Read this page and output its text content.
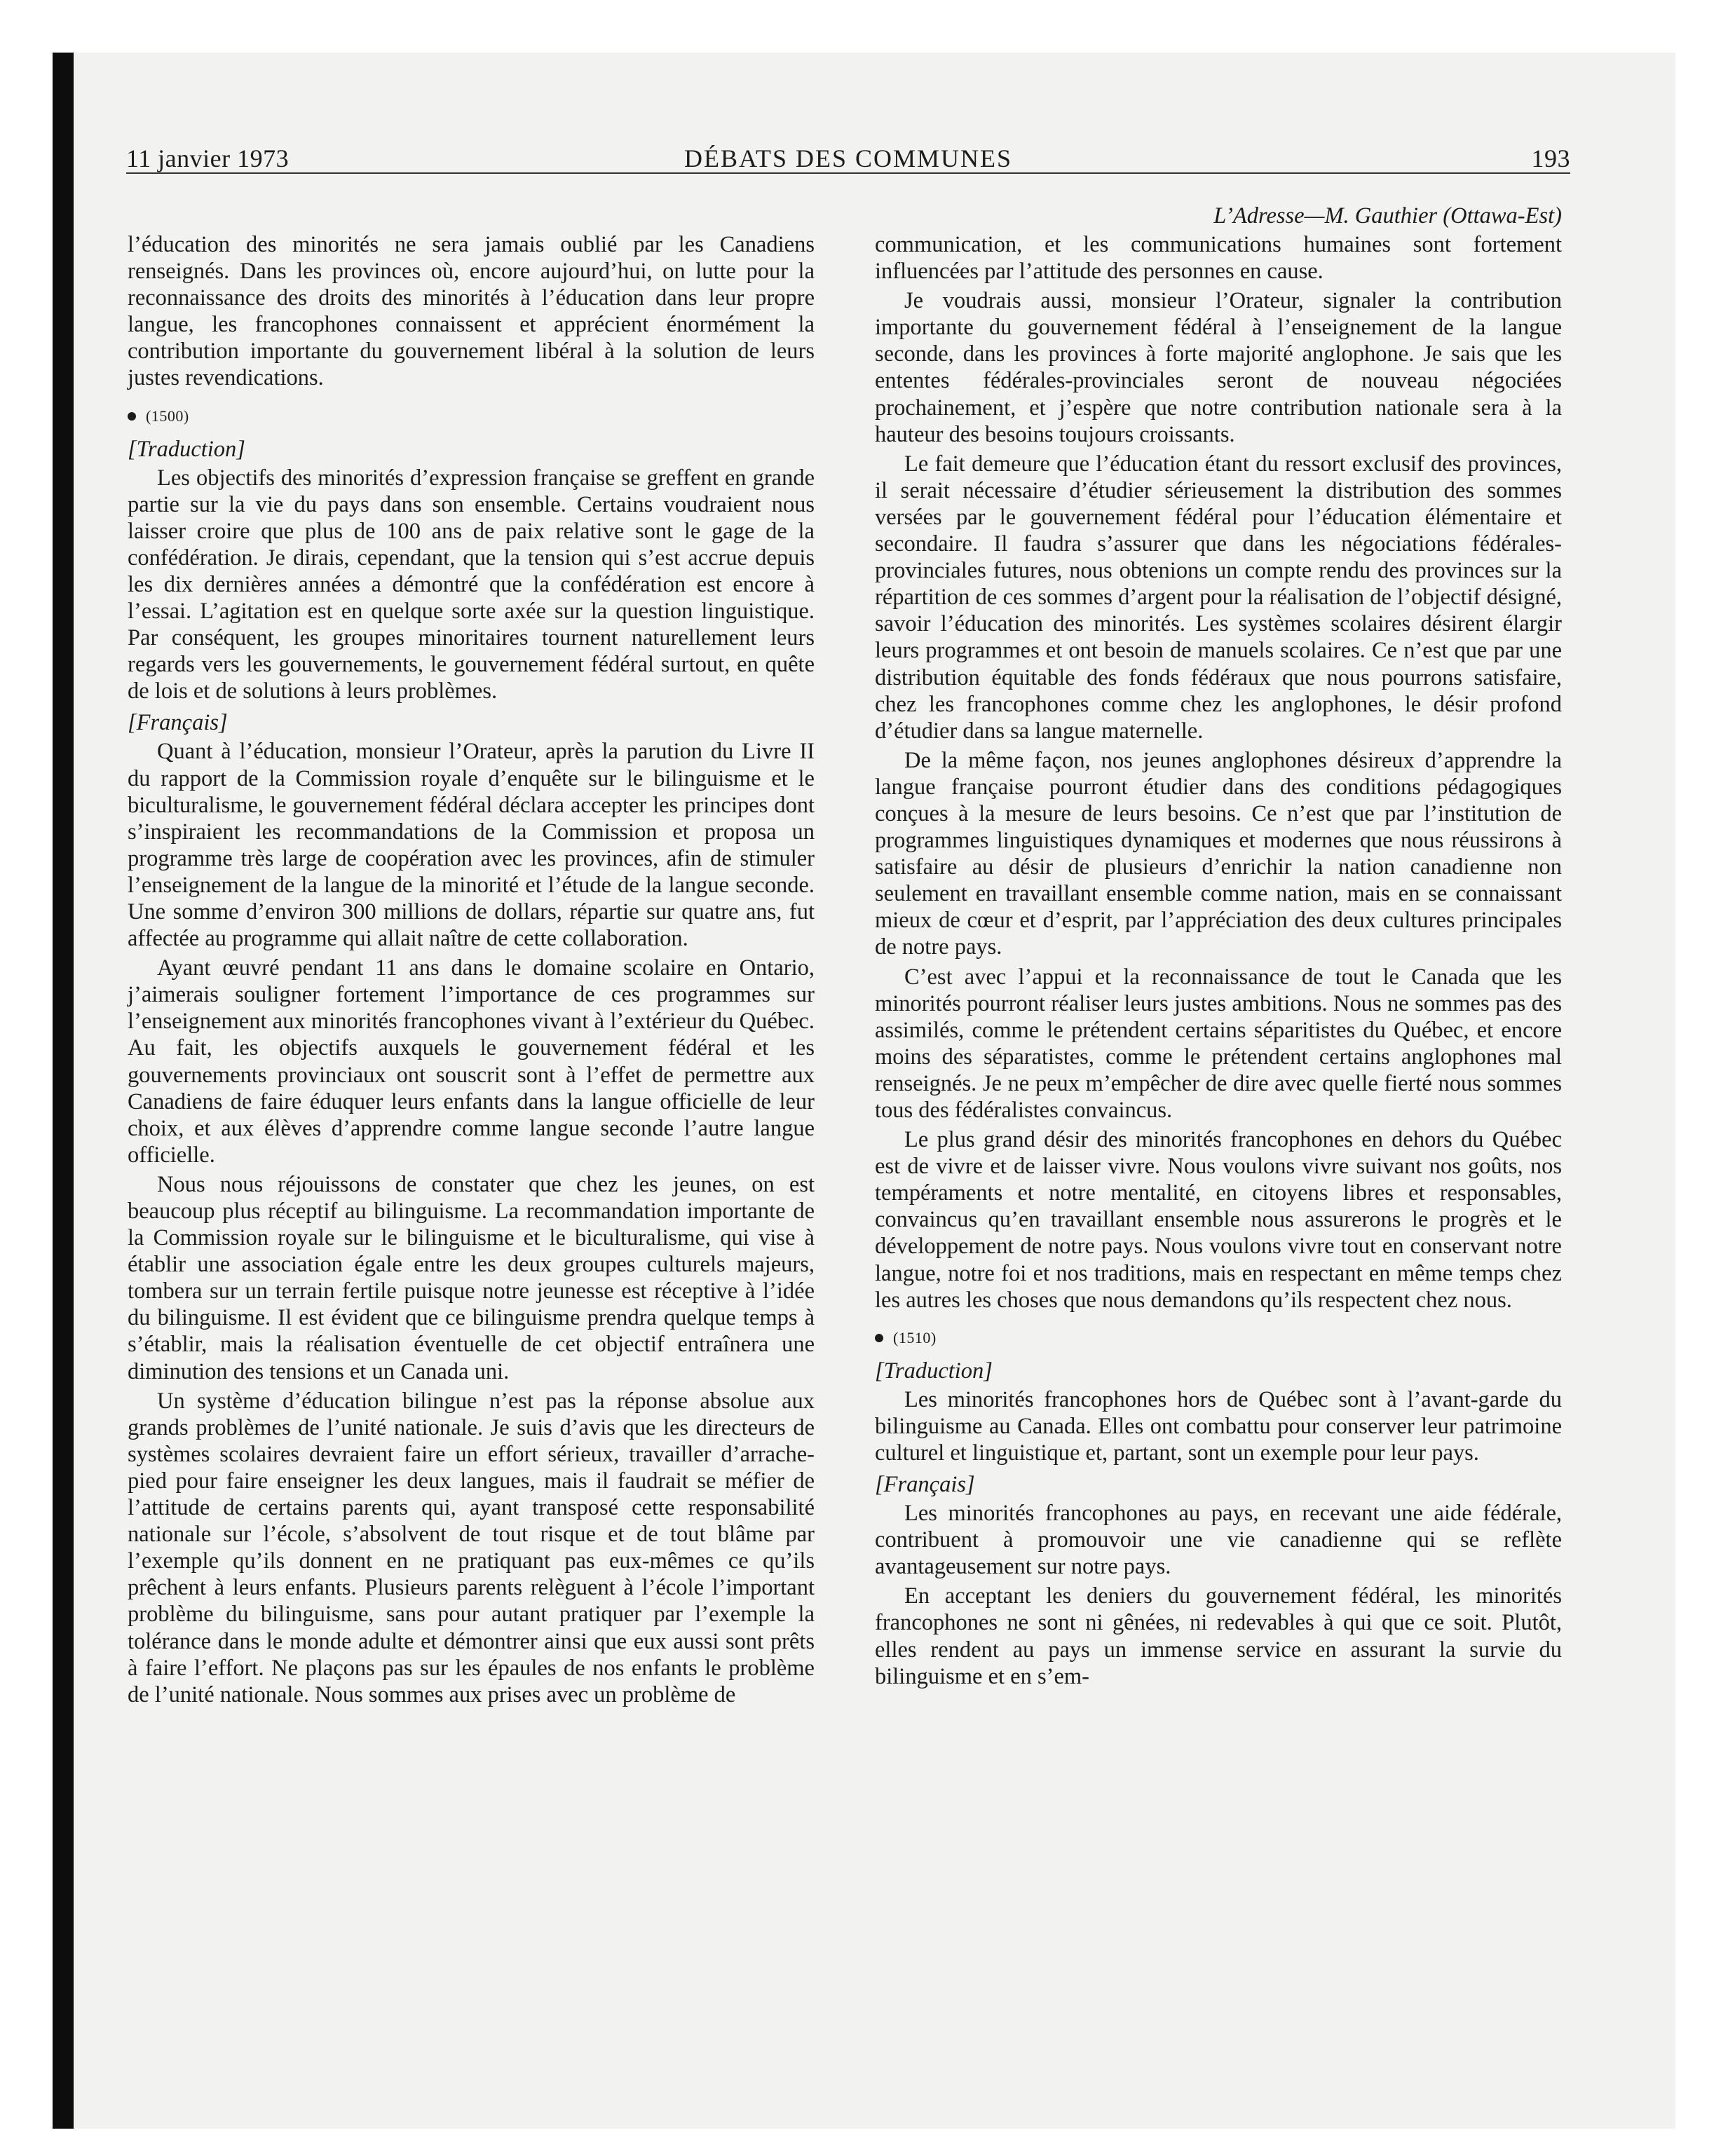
DÉBATS DES COMMUNES
11 janvier 1973	193

l’éducation des minorités ne sera jamais oublié par les Canadiens renseignés. Dans les provinces où, encore aujourd’hui, on lutte pour la reconnaissance des droits des minorités à l’éducation dans leur propre langue, les francophones connaissent et apprécient énormément la contribution importante du gouvernement libéral à la solution de leurs justes revendications.

(1500)
[Traduction]

Les objectifs des minorités d’expression française se greffent en grande partie sur la vie du pays dans son ensemble. Certains voudraient nous laisser croire que plus de 100 ans de paix relative sont le gage de la confédération. Je dirais, cependant, que la tension qui s’est accrue depuis les dix dernières années a démontré que la confédération est encore à l’essai. L’agitation est en quelque sorte axée sur la question linguistique. Par conséquent, les groupes minoritaires tournent naturellement leurs regards vers les gouvernements, le gouvernement fédéral surtout, en quête de lois et de solutions à leurs problèmes.

[Français]

Quant à l’éducation, monsieur l’Orateur, après la parution du Livre II du rapport de la Commission royale d’enquête sur le bilinguisme et le biculturalisme, le gouvernement fédéral déclara accepter les principes dont s’inspiraient les recommandations de la Commission et proposa un programme très large de coopération avec les provinces, afin de stimuler l’enseignement de la langue de la minorité et l’étude de la langue seconde. Une somme d’environ 300 millions de dollars, répartie sur quatre ans, fut affectée au programme qui allait naître de cette collaboration.

Ayant œuvré pendant 11 ans dans le domaine scolaire en Ontario, j’aimerais souligner fortement l’importance de ces programmes sur l’enseignement aux minorités francophones vivant à l’extérieur du Québec. Au fait, les objectifs auxquels le gouvernement fédéral et les gouvernements provinciaux ont souscrit sont à l’effet de permettre aux Canadiens de faire éduquer leurs enfants dans la langue officielle de leur choix, et aux élèves d’apprendre comme langue seconde l’autre langue officielle.

Nous nous réjouissons de constater que chez les jeunes, on est beaucoup plus réceptif au bilinguisme. La recommandation importante de la Commission royale sur le bilinguisme et le biculturalisme, qui vise à établir une association égale entre les deux groupes culturels majeurs, tombera sur un terrain fertile puisque notre jeunesse est réceptive à l’idée du bilinguisme. Il est évident que ce bilinguisme prendra quelque temps à s’établir, mais la réalisation éventuelle de cet objectif entraînera une diminution des tensions et un Canada uni.

Un système d’éducation bilingue n’est pas la réponse absolue aux grands problèmes de l’unité nationale. Je suis d’avis que les directeurs de systèmes scolaires devraient faire un effort sérieux, travailler d’arrache-pied pour faire enseigner les deux langues, mais il faudrait se méfier de l’attitude de certains parents qui, ayant transposé cette responsabilité nationale sur l’école, s’absolvent de tout risque et de tout blâme par l’exemple qu’ils donnent en ne pratiquant pas eux-mêmes ce qu’ils prêchent à leurs enfants. Plusieurs parents relèguent à l’école l’important problème du bilinguisme, sans pour autant pratiquer par l’exemple la tolérance dans le monde adulte et démontrer ainsi que eux aussi sont prêts à faire l’effort. Ne plaçons pas sur les épaules de nos enfants le problème de l’unité nationale. Nous sommes aux prises avec un problème de

L’Adresse—M. Gauthier (Ottawa-Est)

communication, et les communications humaines sont fortement influencées par l’attitude des personnes en cause.

Je voudrais aussi, monsieur l’Orateur, signaler la contribution importante du gouvernement fédéral à l’enseignement de la langue seconde, dans les provinces à forte majorité anglophone. Je sais que les ententes fédérales-provinciales seront de nouveau négociées prochainement, et j’espère que notre contribution nationale sera à la hauteur des besoins toujours croissants.

Le fait demeure que l’éducation étant du ressort exclusif des provinces, il serait nécessaire d’étudier sérieusement la distribution des sommes versées par le gouvernement fédéral pour l’éducation élémentaire et secondaire. Il faudra s’assurer que dans les négociations fédérales-provinciales futures, nous obtenions un compte rendu des provinces sur la répartition de ces sommes d’argent pour la réalisation de l’objectif désigné, savoir l’éducation des minorités. Les systèmes scolaires désirent élargir leurs programmes et ont besoin de manuels scolaires. Ce n’est que par une distribution équitable des fonds fédéraux que nous pourrons satisfaire, chez les francophones comme chez les anglophones, le désir profond d’étudier dans sa langue maternelle.

De la même façon, nos jeunes anglophones désireux d’apprendre la langue française pourront étudier dans des conditions pédagogiques conçues à la mesure de leurs besoins. Ce n’est que par l’institution de programmes linguistiques dynamiques et modernes que nous réussirons à satisfaire au désir de plusieurs d’enrichir la nation canadienne non seulement en travaillant ensemble comme nation, mais en se connaissant mieux de cœur et d’esprit, par l’appréciation des deux cultures principales de notre pays.

C’est avec l’appui et la reconnaissance de tout le Canada que les minorités pourront réaliser leurs justes ambitions. Nous ne sommes pas des assimilés, comme le prétendent certains séparitistes du Québec, et encore moins des séparatistes, comme le prétendent certains anglophones mal renseignés. Je ne peux m’empêcher de dire avec quelle fierté nous sommes tous des fédéralistes convaincus.

Le plus grand désir des minorités francophones en dehors du Québec est de vivre et de laisser vivre. Nous voulons vivre suivant nos goûts, nos tempéraments et notre mentalité, en citoyens libres et responsables, convaincus qu’en travaillant ensemble nous assurerons le progrès et le développement de notre pays. Nous voulons vivre tout en conservant notre langue, notre foi et nos traditions, mais en respectant en même temps chez les autres les choses que nous demandons qu’ils respectent chez nous.

(1510)
[Traduction]

Les minorités francophones hors de Québec sont à l’avant-garde du bilinguisme au Canada. Elles ont combattu pour conserver leur patrimoine culturel et linguistique et, partant, sont un exemple pour leur pays.

[Français]

Les minorités francophones au pays, en recevant une aide fédérale, contribuent à promouvoir une vie canadienne qui se reflète avantageusement sur notre pays.

En acceptant les deniers du gouvernement fédéral, les minorités francophones ne sont ni gênées, ni redevables à qui que ce soit. Plutôt, elles rendent au pays un immense service en assurant la survie du bilinguisme et en s’em-
